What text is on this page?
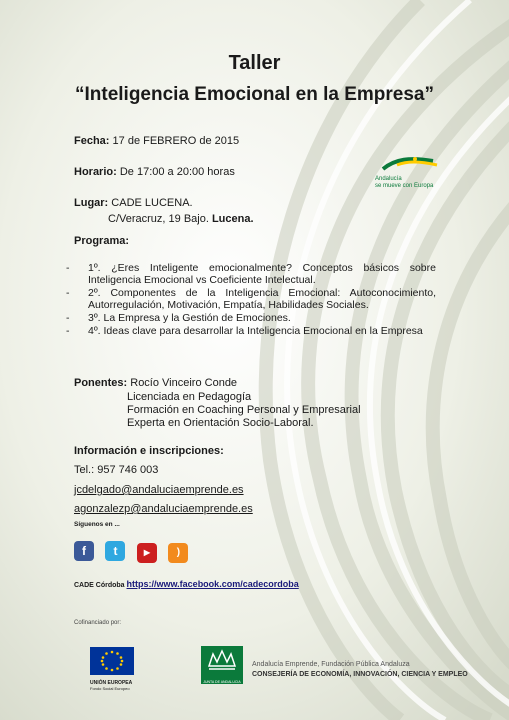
Taller
“Inteligencia Emocional en la Empresa”
Andalucía
se mueve con Europa
Fecha: 17 de FEBRERO de 2015
Horario: De 17:00 a 20:00 horas
Lugar: CADE LUCENA.
C/Veracruz, 19 Bajo. Lucena.
Programa:
- 1º. ¿Eres Inteligente emocionalmente? Conceptos básicos sobre Inteligencia Emocional vs Coeficiente Intelectual.
- 2º. Componentes de la Inteligencia Emocional: Autoconocimiento, Autorregulación, Motivación, Empatía, Habilidades Sociales.
- 3º. La Empresa y la Gestión de Emociones.
- 4º. Ideas clave para desarrollar la Inteligencia Emocional en la Empresa
Ponentes: Rocío Vinceiro Conde
Licenciada en Pedagogía
Formación en Coaching Personal y Empresarial
Experta en Orientación Socio-Laboral.
Información e inscripciones:
Tel.: 957 746 003
jcdelgado@andaluciaemprende.es
agonzalezp@andaluciaemprende.es
Síguenos en ...
f t	▶	)
CADE Córdoba https://www.facebook.com/cadecordoba
Cofinanciado por:
UNIÓN EUROPEA
Fondo Social Europeo
JUNTA DE ANDALUCIA
Andalucía Emprende, Fundación Pública Andaluza
CONSEJERÍA DE ECONOMÍA, INNOVACIÓN, CIENCIA Y EMPLEO
